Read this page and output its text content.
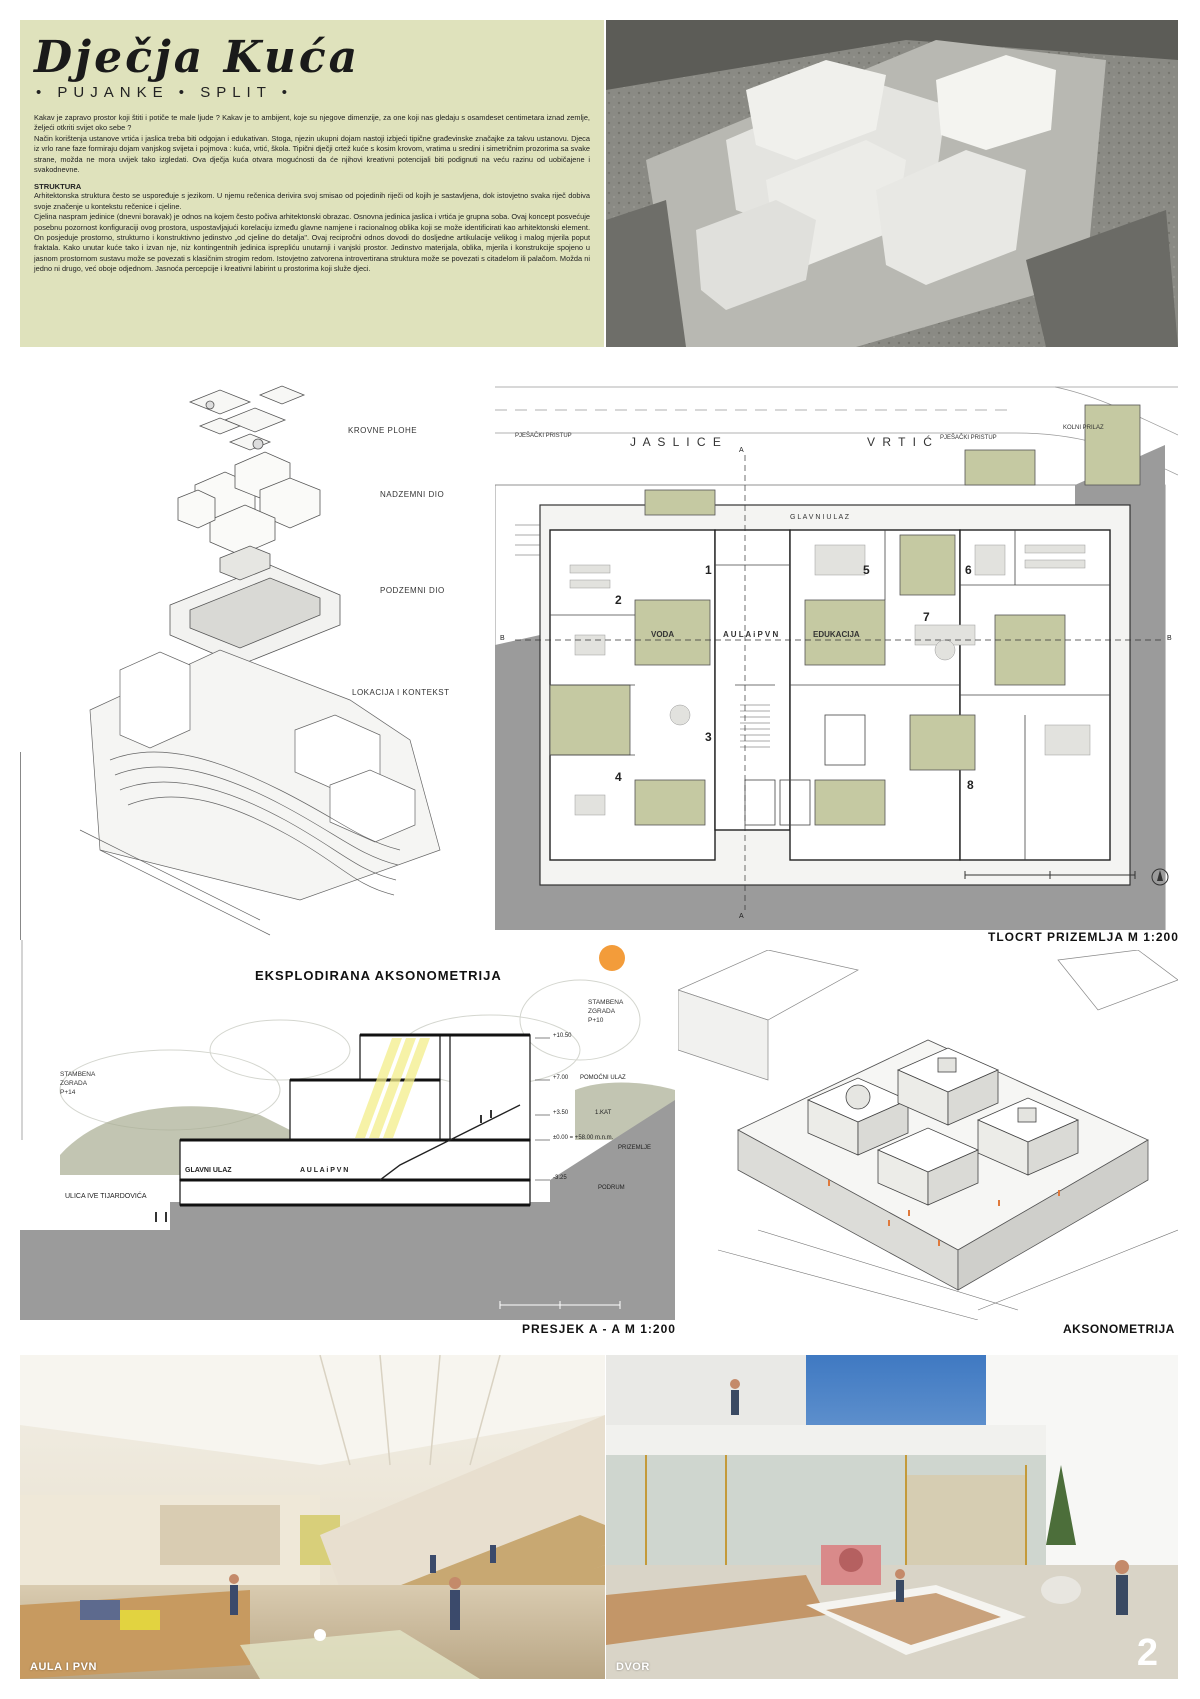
Dječja Kuća
• PUJANKE • SPLIT •

Kakav je zapravo prostor koji štiti i potiče te male ljude ? Kakav je to ambijent, koje su njegove dimenzije, za one koji nas gledaju s osamdeset centimetara iznad zemlje, željeći otkriti svijet oko sebe ?

Način korištenja ustanove vrtića i jaslica treba biti odgojan i edukativan. Stoga, njezin ukupni dojam nastoji izbjeći tipične građevinske značajke za takvu ustanovu. Djeca iz vrlo rane faze formiraju dojam vanjskog svijeta i pojmova : kuća, vrtić, škola. Tipični dječji crtež kuće s kosim krovom, vratima u sredini i simetričnim prozorima sa svake strane, možda ne mora uvijek tako izgledati. Ova dječja kuća otvara mogućnosti da će njihovi kreativni potencijali biti podignuti na veću razinu od uobičajene i svakodnevne.

STRUKTURA

Arhitektonska struktura često se uspoređuje s jezikom. U njemu rečenica derivira svoj smisao od pojedinih riječi od kojih je sastavljena, dok istovjetno svaka riječ dobiva svoje značenje u kontekstu rečenice i cjeline.

Cjelina naspram jedinice (dnevni boravak) je odnos na kojem često počiva arhitektonski obrazac. Osnovna jedinica jaslica i vrtića je grupna soba. Ovaj koncept posvećuje posebnu pozornost konfiguraciji ovog prostora, uspostavljajući korelaciju između glavne namjene i racionalnog oblika koji se može identificirati kao arhitektonski element. On posjeduje prostorno, strukturno i konstruktivno jedinstvo „od cjeline do detalja". Ovaj recipročni odnos dovodi do dosljedne artikulacije velikog i malog mjerila poput fraktala. Kako unutar kuće tako i izvan nje, niz kontingentnih jedinica isprepliću unutarnji i vanjski prostor. Jedinstvo materijala, oblika, mjerila i konstrukcije spojeno u jasnom prostornom sustavu može se povezati s klasičnim strogim redom. Istovjetno zatvorena introvertirana struktura može se povezati s citadelom ili palačom. Možda ni jedno ni drugo, već oboje odjednom. Jasnoća percepcije i kreativni labirint u prostorima koji služe djeci.

KROVNE PLOHE
NADZEMNI DIO
PODZEMNI DIO
LOKACIJA I KONTEKST
EKSPLODIRANA AKSONOMETRIJA
J A S L I C E	V R T I Ć
PJEŠAČKI PRISTUP	PJEŠAČKI PRISTUP
KOLNI PRILAZ
G L A V N I U L A Z
VODA	A U L A i P V N	EDUKACIJA
1
2
3
4
5	6
7
8
A
A
B	B
TLOCRT PRIZEMLJA M 1:200
STAMBENA
ZGRADA
P+14
STAMBENA
ZGRADA
P+10
ULICA IVE TIJARDOVIĆA
GLAVNI ULAZ	A U L A i P V N
+10.50
+7.00 POMOĆNI ULAZ
+3.50	1.KAT
±0.00 = +58.00 m.n.m.
PRIZEMLJE
-3.25
PODRUM
PRESJEK A - A M 1:200	AKSONOMETRIJA
AULA I PVN	DVOR	2
